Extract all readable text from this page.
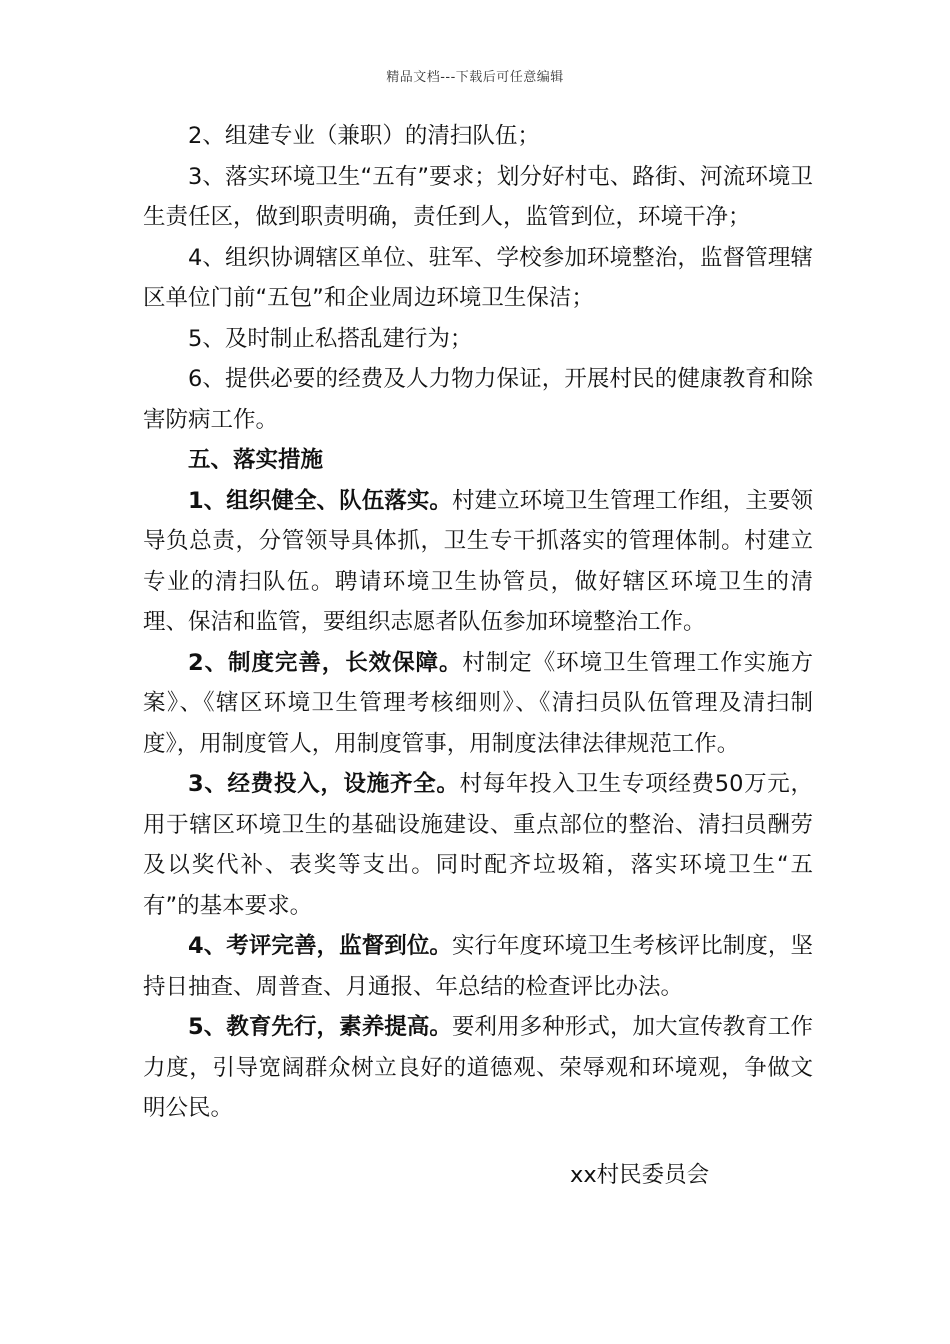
精品文档---下载后可任意编辑

2、组建专业（兼职）的清扫队伍；

3、落实环境卫生“五有”要求；划分好村屯、路街、河流环境卫生责任区，做到职责明确，责任到人，监管到位，环境干净；

4、组织协调辖区单位、驻军、学校参加环境整治，监督管理辖区单位门前“五包”和企业周边环境卫生保洁；

5、及时制止私搭乱建行为；

6、提供必要的经费及人力物力保证，开展村民的健康教育和除害防病工作。

五、落实措施

1、组织健全、队伍落实。村建立环境卫生管理工作组，主要领导负总责，分管领导具体抓，卫生专干抓落实的管理体制。村建立专业的清扫队伍。聘请环境卫生协管员，做好辖区环境卫生的清理、保洁和监管，要组织志愿者队伍参加环境整治工作。

2、制度完善，长效保障。村制定《环境卫生管理工作实施方案》、《辖区环境卫生管理考核细则》、《清扫员队伍管理及清扫制度》，用制度管人，用制度管事，用制度法律法律规范工作。

3、经费投入，设施齐全。村每年投入卫生专项经费50万元，用于辖区环境卫生的基础设施建设、重点部位的整治、清扫员酬劳及以奖代补、表奖等支出。同时配齐垃圾箱，落实环境卫生“五有”的基本要求。

4、考评完善，监督到位。实行年度环境卫生考核评比制度，坚持日抽查、周普查、月通报、年总结的检查评比办法。

5、教育先行，素养提高。要利用多种形式，加大宣传教育工作力度，引导宽阔群众树立良好的道德观、荣辱观和环境观，争做文明公民。

xx村民委员会
